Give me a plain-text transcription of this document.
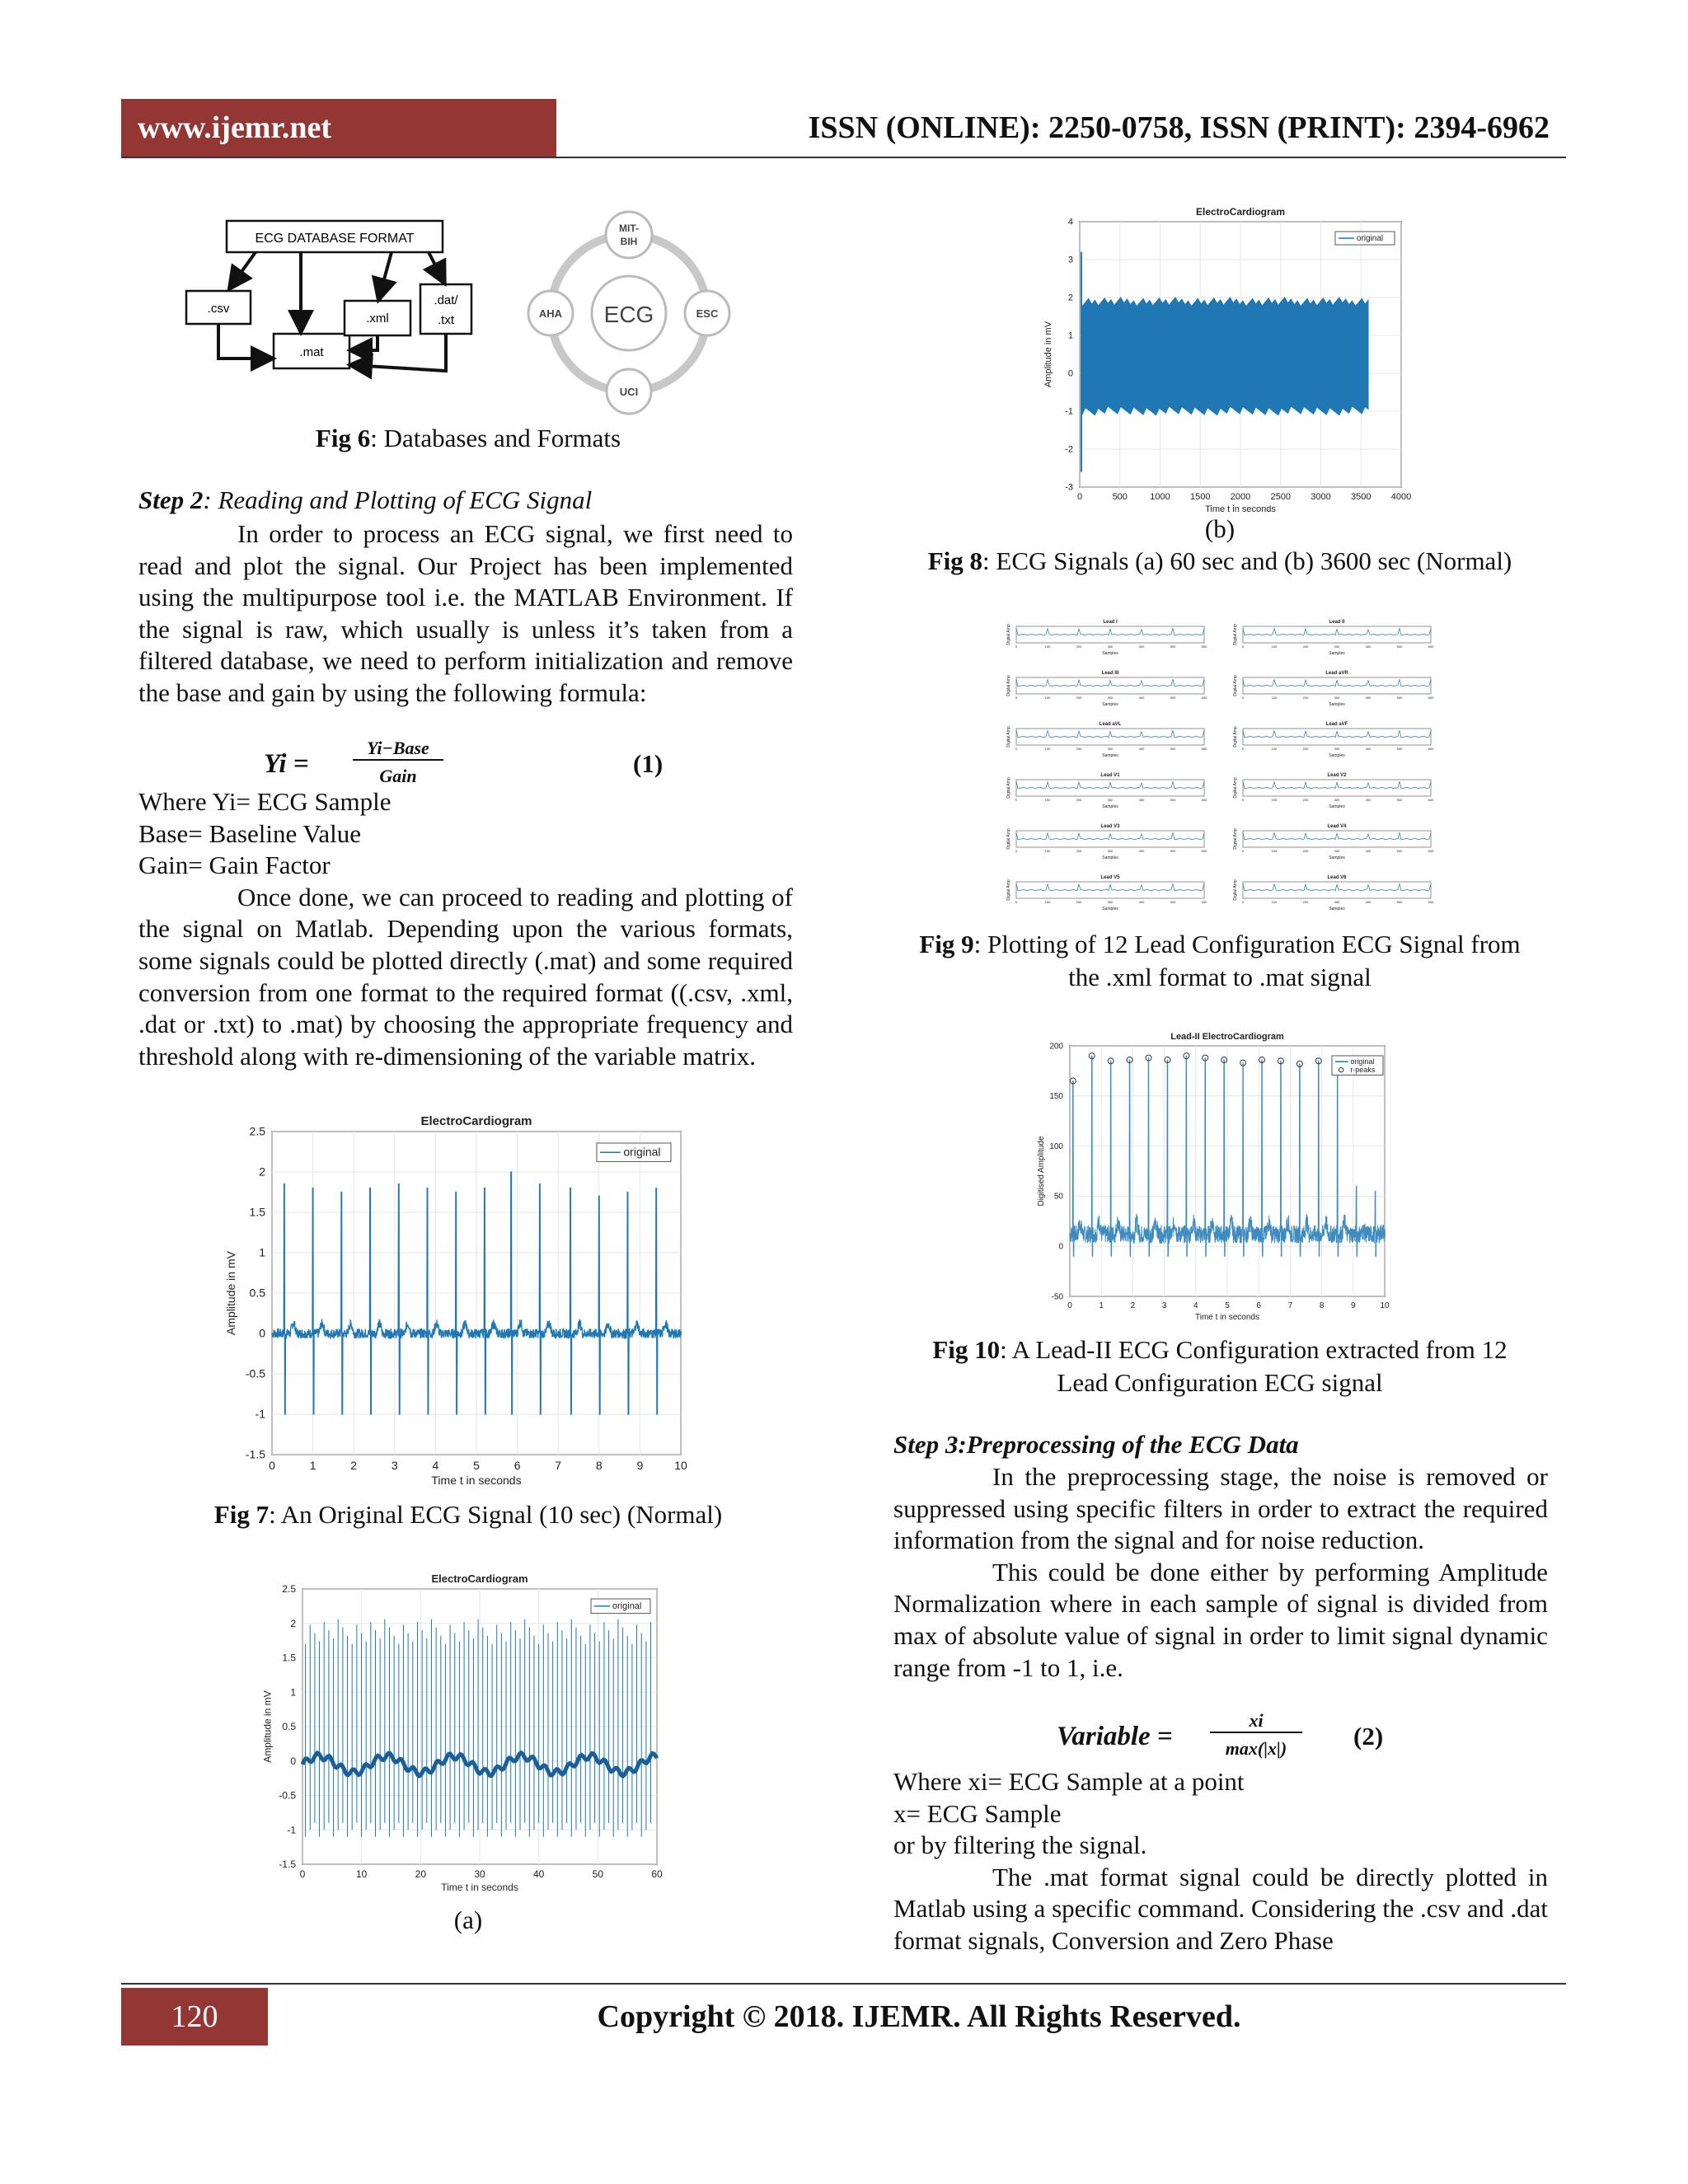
www.ijemr.net	ISSN (ONLINE): 2250-0758, ISSN (PRINT): 2394-6962
ECG DATABASE FORMAT
.csv
.mat
.xml
.dat/
.txt	ECG
MIT-
BIH
AHA	ESC
UCI
Fig 6: Databases and Formats
Step 2: Reading and Plotting of ECG Signal

In order to process an ECG signal, we first need to read and plot the signal. Our Project has been implemented using the multipurpose tool i.e. the MATLAB Environment. If the signal is raw, which usually is unless it’s taken from a filtered database, we need to perform initialization and remove the base and gain by using the following formula:

Yi =
Yi−Base
Gain	(1)

Where Yi= ECG Sample

Base= Baseline Value

Gain= Gain Factor

Once done, we can proceed to reading and plotting of the signal on Matlab. Depending upon the various formats, some signals could be plotted directly (.mat) and some required conversion from one format to the required format ((.csv, .xml, .dat or .txt) to .mat) by choosing the appropriate frequency and threshold along with re-dimensioning of the variable matrix.

0	1	2	3	4	5	6	7	8	9	10
-1.5
-1
-0.5
0
0.5
1
1.5
2
2.5
ElectroCardiogram
Time t in seconds
Amplitude in mV
original
Fig 7: An Original ECG Signal (10 sec) (Normal)
0	10	20	30	40	50	60
-1.5
-1
-0.5
0
0.5
1
1.5
2
2.5
ElectroCardiogram
Time t in seconds
Amplitude in mV
original
(a)
0	500 1000 1500 2000 2500 3000 3500 4000
-3
-2
-1
0
1
2
3
4
ElectroCardiogram
Time t in seconds
Amplitude in mV
original
(b)
Fig 8: ECG Signals (a) 60 sec and (b) 3600 sec (Normal)
Lead I
Samples
Digital Amp
0	100	200	300	400	500	600
Lead III
Samples
Digital Amp
0	100	200	300	400	500	600
Lead aVL
Samples
Digital Amp
0	100	200	300	400	500	600
Lead V1
Samples
Digital Amp
0	100	200	300	400	500	600
Lead V3
Samples
Digital Amp
0	100	200	300	400	500	600
Lead V5
Samples
Digital Amp
0	100	200	300	400	500	600
Lead II
Samples
Digital Amp
0	100	200	300	400	500	600
Lead aVR
Samples
Digital Amp
0	100	200	300	400	500	600
Lead aVF
Samples
Digital Amp
0	100	200	300	400	500	600
Lead V2
Samples
Digital Amp
0	100	200	300	400	500	600
Lead V4
Samples
Digital Amp
0	100	200	300	400	500	600
Lead V6
Samples
Digital Amp
0	100	200	300	400	500	600
Fig 9: Plotting of 12 Lead Configuration ECG Signal from
the .xml format to .mat signal
0	1	2	3	4	5	6	7	8	9	10
-50
0
50
100
150
200
Lead-II ElectroCardiogram
Time t in seconds
Digitised Amplitude
original
r-peaks
Fig 10: A Lead-II ECG Configuration extracted from 12
Lead Configuration ECG signal
Step 3:Preprocessing of the ECG Data

In the preprocessing stage, the noise is removed or suppressed using specific filters in order to extract the required information from the signal and for noise reduction.

This could be done either by performing Amplitude Normalization where in each sample of signal is divided from max of absolute value of signal in order to limit signal dynamic range from -1 to 1, i.e.

Variable =
xi
max(|x|)	(2)

Where xi= ECG Sample at a point

x= ECG Sample

or by filtering the signal.

The .mat format signal could be directly plotted in Matlab using a specific command. Considering the .csv and .dat format signals, Conversion and Zero Phase

120	Copyright © 2018. IJEMR. All Rights Reserved.
